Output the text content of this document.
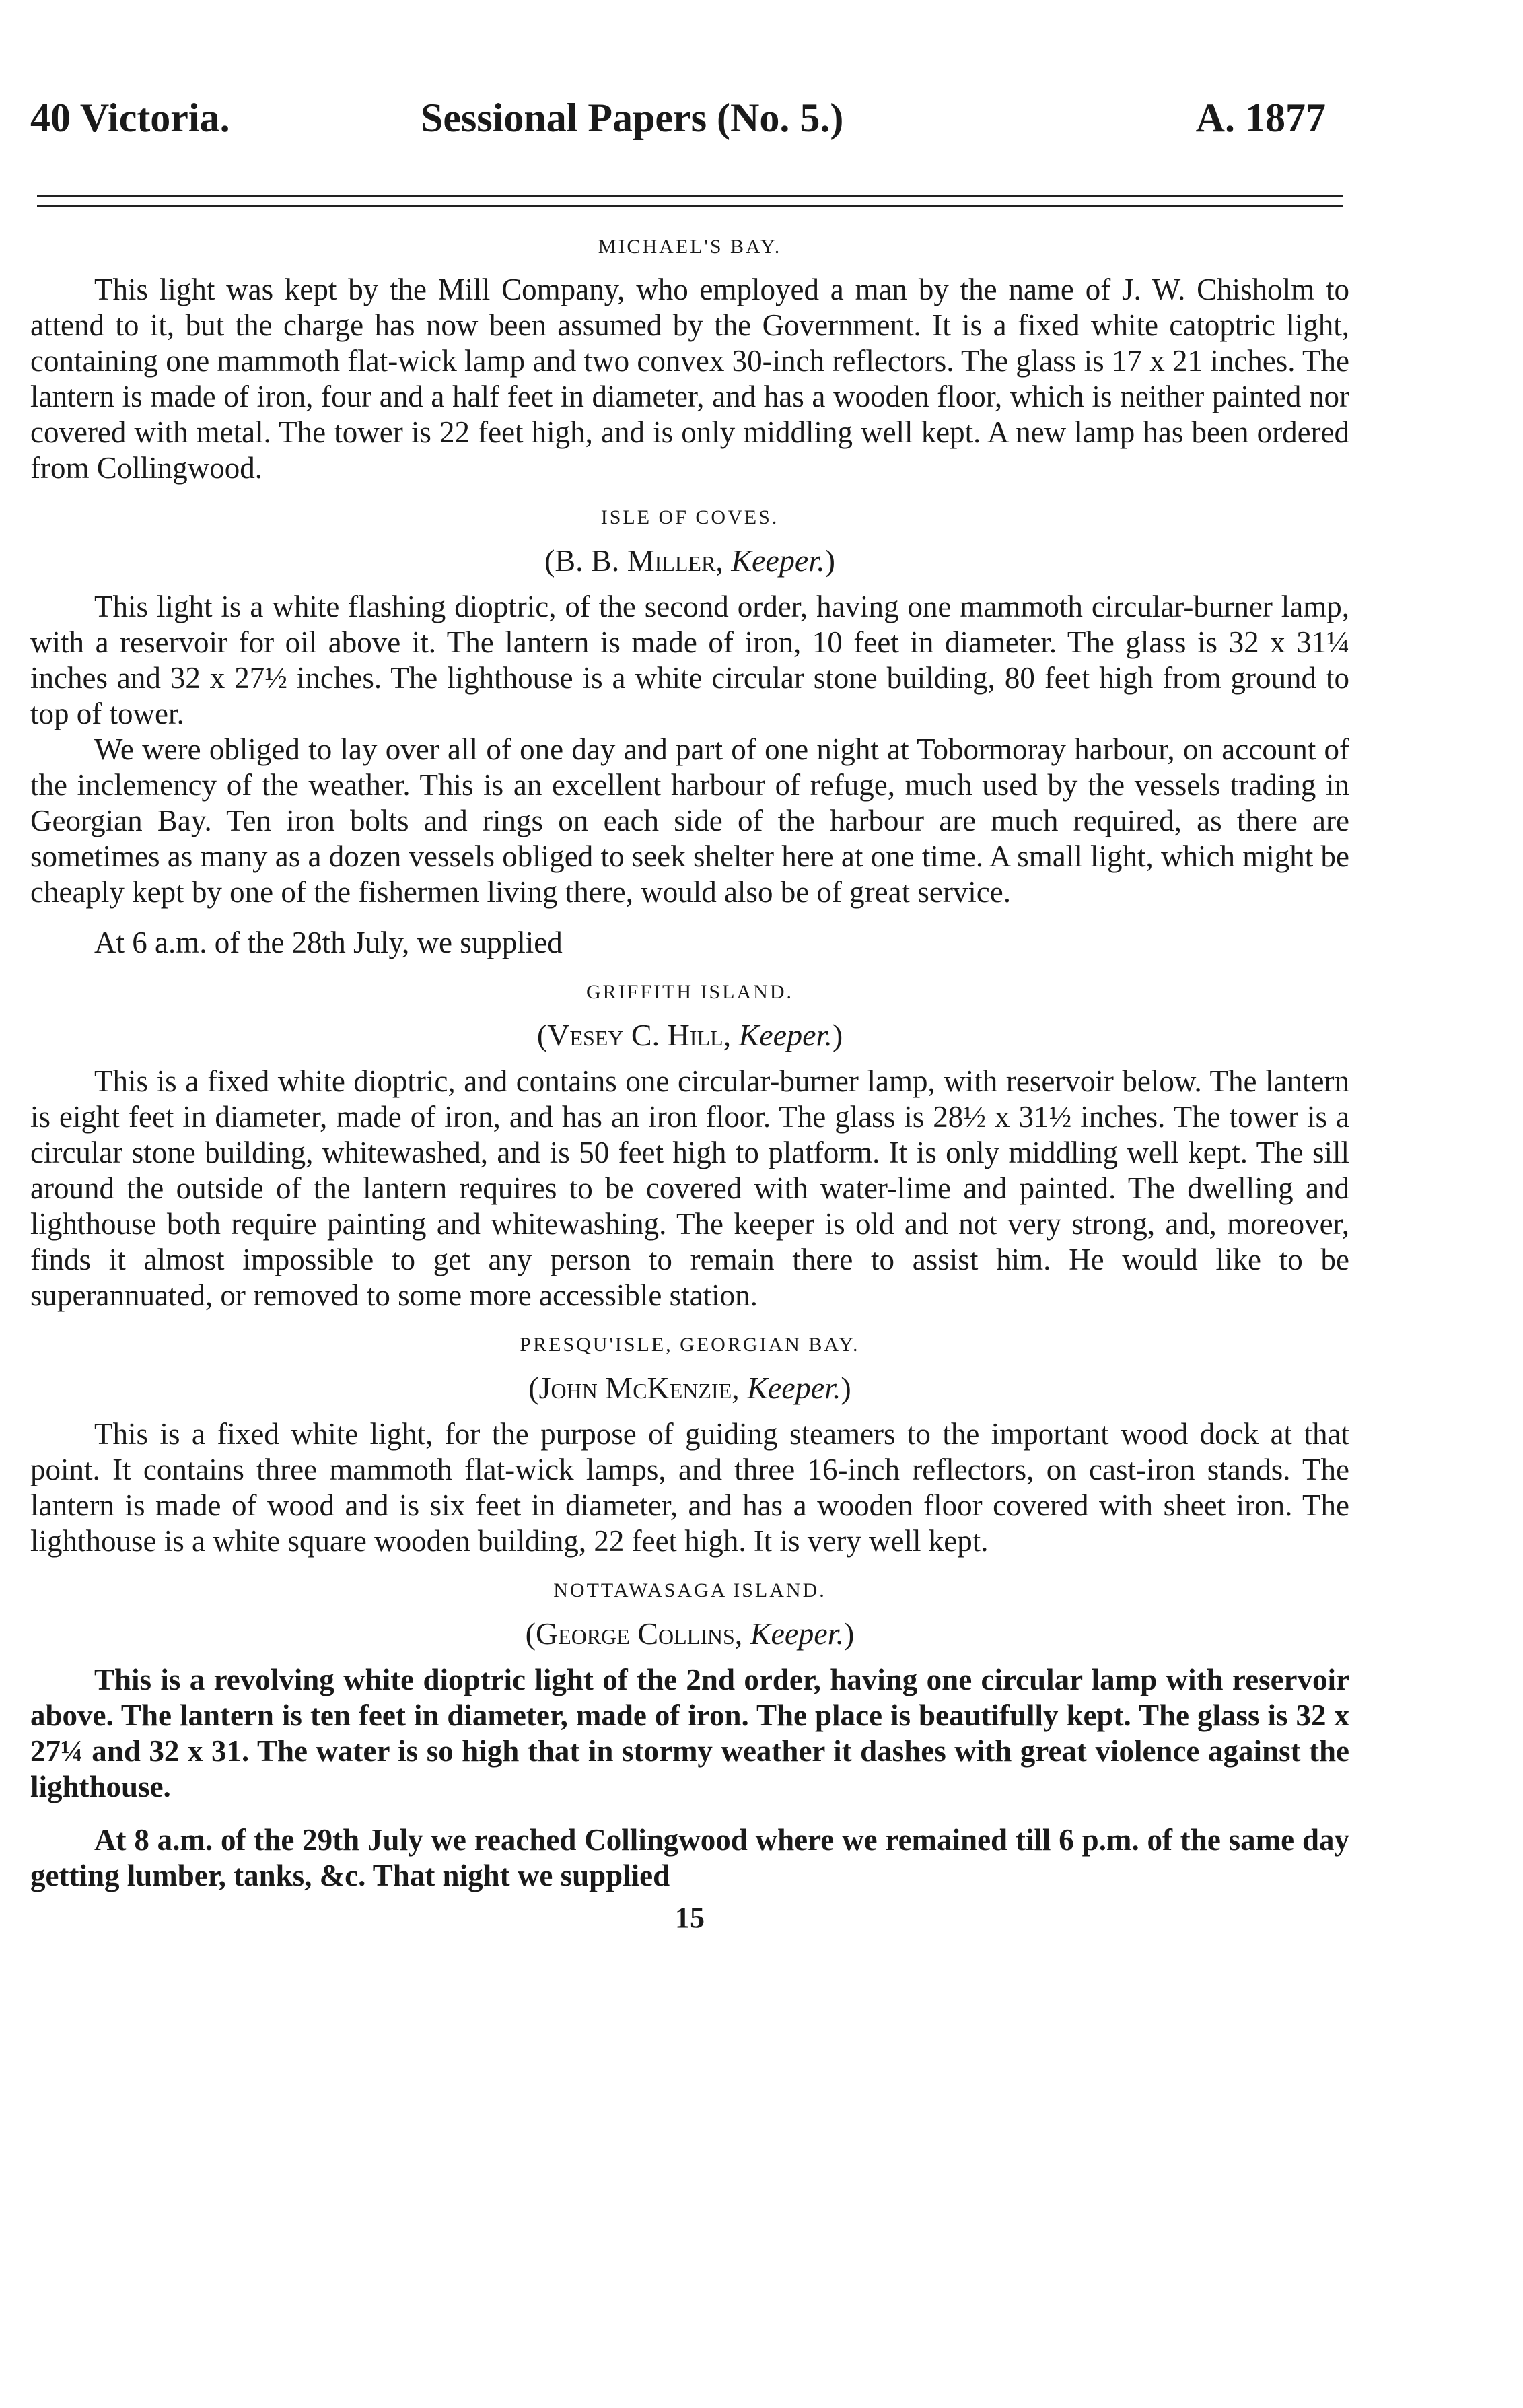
40 Victoria.	Sessional Papers (No. 5.)	A. 1877
MICHAEL'S BAY.

This light was kept by the Mill Company, who employed a man by the name of J. W. Chisholm to attend to it, but the charge has now been assumed by the Government. It is a fixed white catoptric light, containing one mammoth flat-wick lamp and two convex 30-inch reflectors. The glass is 17 x 21 inches. The lantern is made of iron, four and a half feet in diameter, and has a wooden floor, which is neither painted nor covered with metal. The tower is 22 feet high, and is only middling well kept. A new lamp has been ordered from Collingwood.

ISLE OF COVES.
(B. B. Miller, Keeper.)

This light is a white flashing dioptric, of the second order, having one mammoth circular-burner lamp, with a reservoir for oil above it. The lantern is made of iron, 10 feet in diameter. The glass is 32 x 31¼ inches and 32 x 27½ inches. The lighthouse is a white circular stone building, 80 feet high from ground to top of tower.

We were obliged to lay over all of one day and part of one night at Tobormoray harbour, on account of the inclemency of the weather. This is an excellent harbour of refuge, much used by the vessels trading in Georgian Bay. Ten iron bolts and rings on each side of the harbour are much required, as there are sometimes as many as a dozen vessels obliged to seek shelter here at one time. A small light, which might be cheaply kept by one of the fishermen living there, would also be of great service.

At 6 a.m. of the 28th July, we supplied

GRIFFITH ISLAND.
(Vesey C. Hill, Keeper.)

This is a fixed white dioptric, and contains one circular-burner lamp, with reservoir below. The lantern is eight feet in diameter, made of iron, and has an iron floor. The glass is 28½ x 31½ inches. The tower is a circular stone building, whitewashed, and is 50 feet high to platform. It is only middling well kept. The sill around the outside of the lantern requires to be covered with water-lime and painted. The dwelling and lighthouse both require painting and whitewashing. The keeper is old and not very strong, and, moreover, finds it almost impossible to get any person to remain there to assist him. He would like to be superannuated, or removed to some more accessible station.

PRESQU'ISLE, GEORGIAN BAY.
(John McKenzie, Keeper.)

This is a fixed white light, for the purpose of guiding steamers to the important wood dock at that point. It contains three mammoth flat-wick lamps, and three 16-inch reflectors, on cast-iron stands. The lantern is made of wood and is six feet in diameter, and has a wooden floor covered with sheet iron. The lighthouse is a white square wooden building, 22 feet high. It is very well kept.

NOTTAWASAGA ISLAND.
(George Collins, Keeper.)

This is a revolving white dioptric light of the 2nd order, having one circular lamp with reservoir above. The lantern is ten feet in diameter, made of iron. The place is beautifully kept. The glass is 32 x 27¼ and 32 x 31. The water is so high that in stormy weather it dashes with great violence against the lighthouse.

At 8 a.m. of the 29th July we reached Collingwood where we remained till 6 p.m. of the same day getting lumber, tanks, &c. That night we supplied

15
